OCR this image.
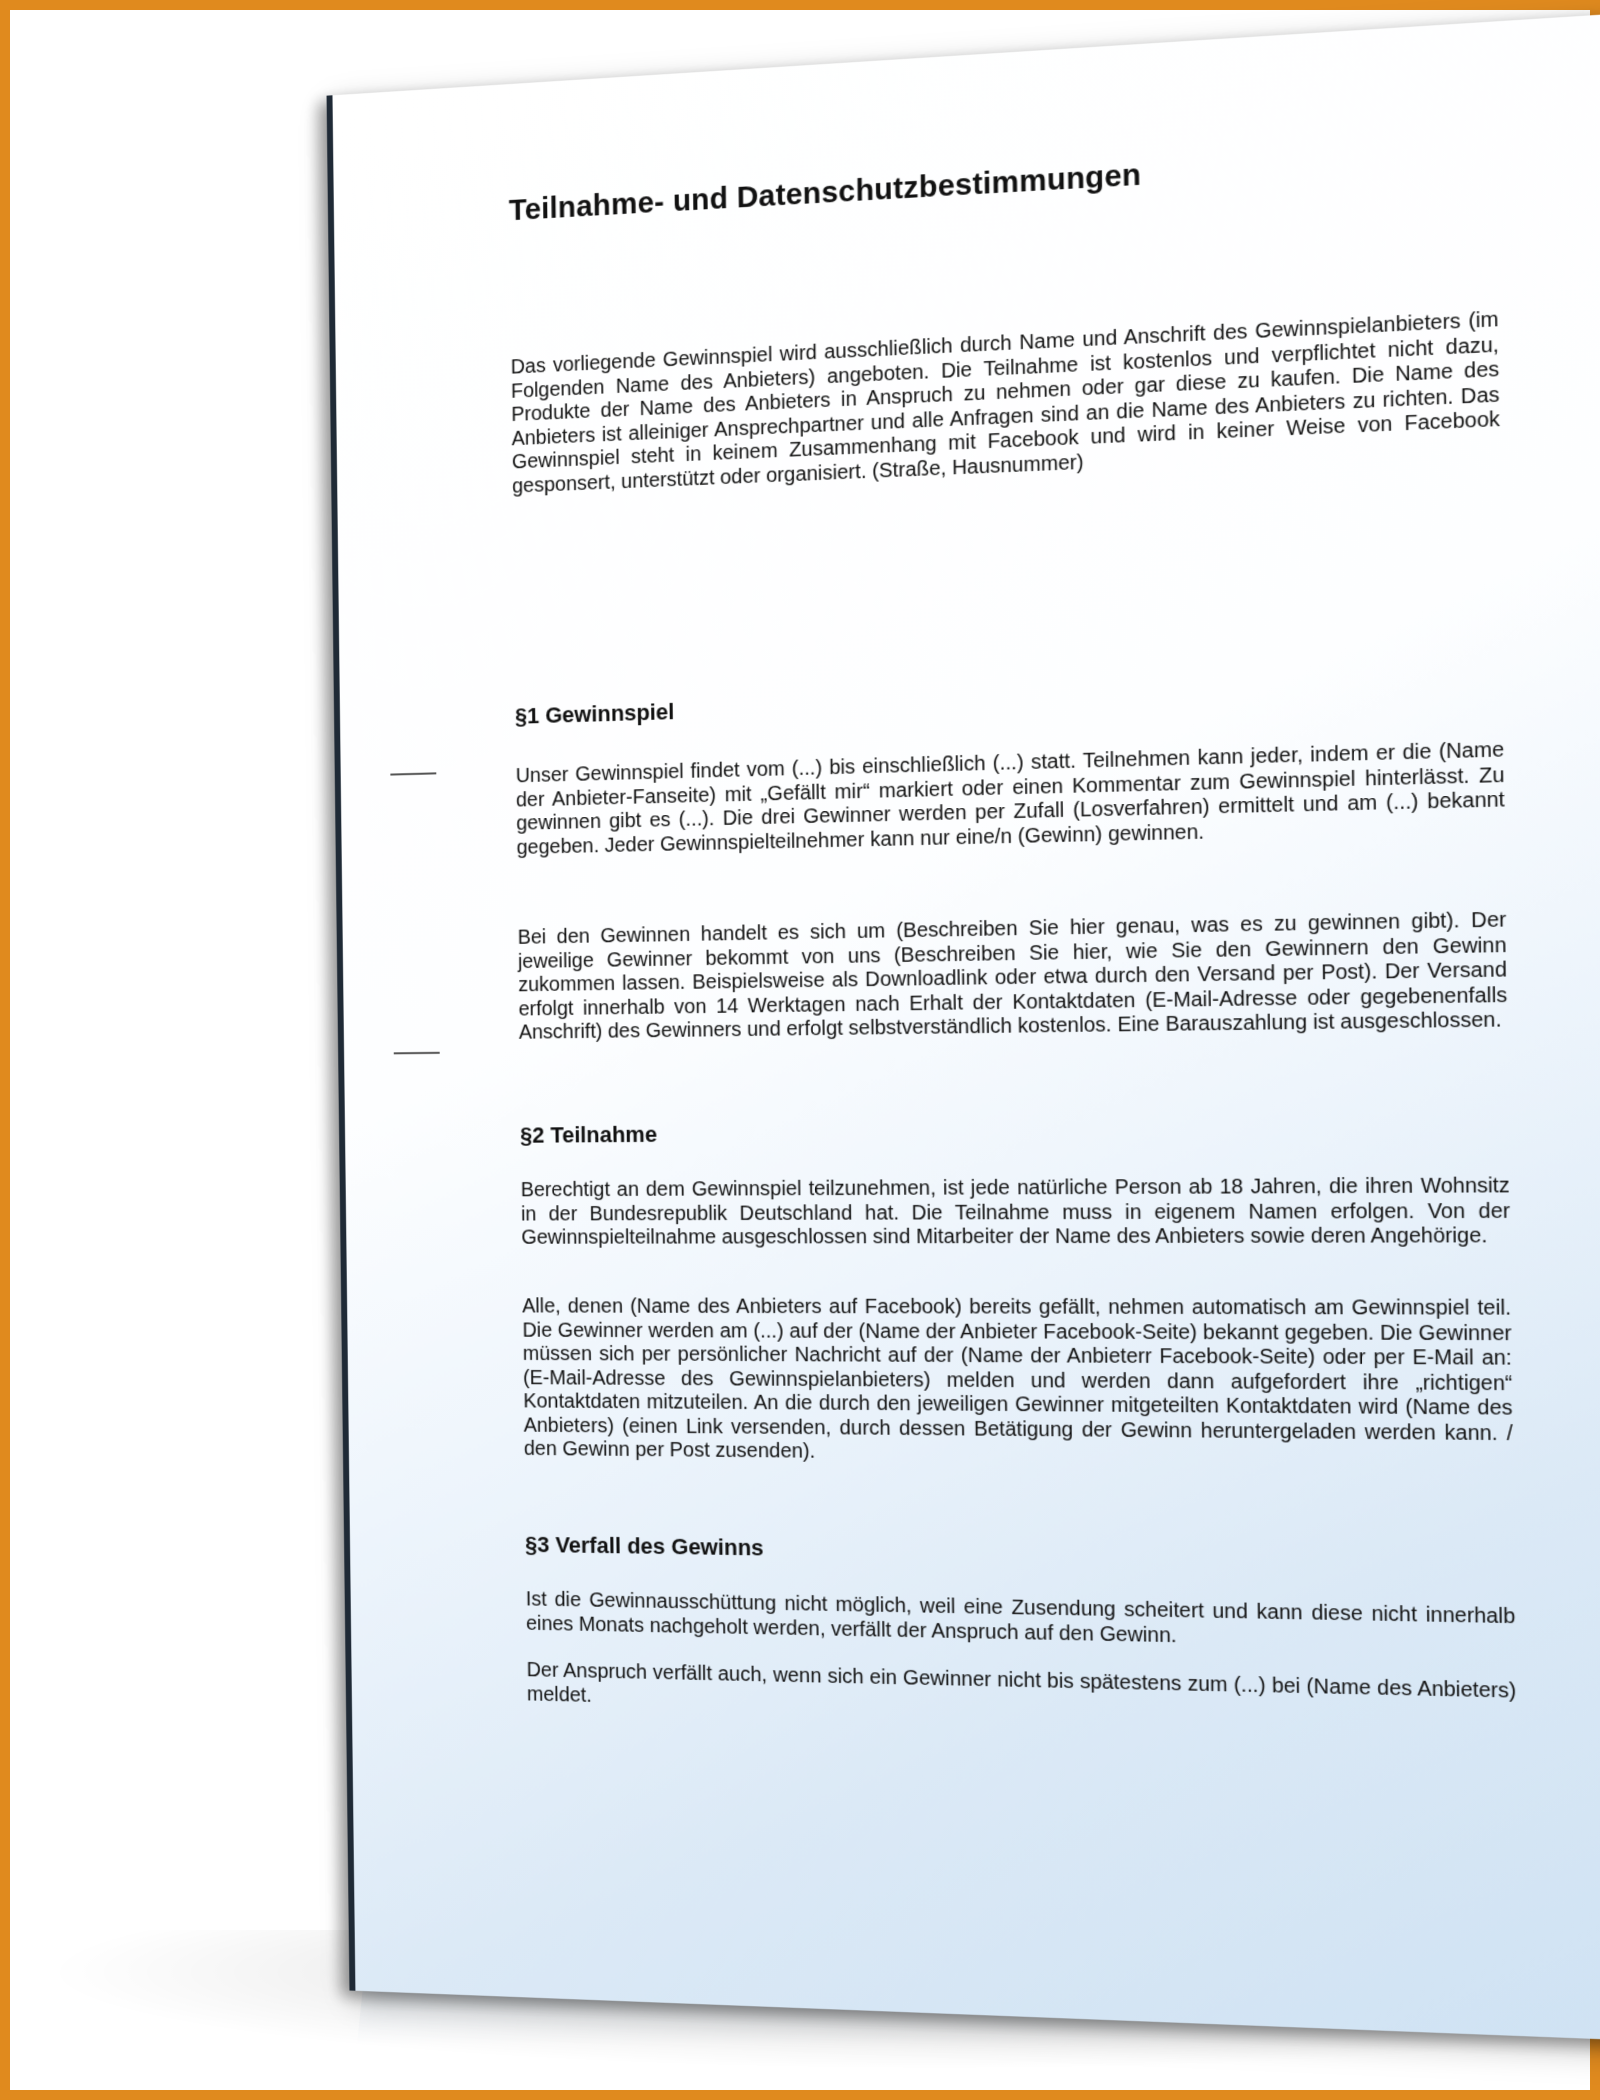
Teilnahme- und Datenschutzbestimmungen

Das vorliegende Gewinnspiel wird ausschließlich durch Name und Anschrift des Gewinnspielanbieters (im Folgenden Name des Anbieters) angeboten. Die Teilnahme ist kostenlos und verpflichtet nicht dazu, Produkte der Name des Anbieters in Anspruch zu nehmen oder gar diese zu kaufen. Die Name des Anbieters ist alleiniger Ansprechpartner und alle Anfragen sind an die Name des Anbieters zu richten. Das Gewinnspiel steht in keinem Zusammenhang mit Facebook und wird in keiner Weise von Facebook gesponsert, unterstützt oder organisiert. (Straße, Hausnummer)

§1 Gewinnspiel

Unser Gewinnspiel findet vom (...) bis einschließlich (...) statt. Teilnehmen kann jeder, indem er die (Name der Anbieter-Fanseite) mit „Gefällt mir“ markiert oder einen Kommentar zum Gewinnspiel hinterlässt. Zu gewinnen gibt es (...). Die drei Gewinner werden per Zufall (Losverfahren) ermittelt und am (...) bekannt gegeben. Jeder Gewinnspielteilnehmer kann nur eine/n (Gewinn) gewinnen.

Bei den Gewinnen handelt es sich um (Beschreiben Sie hier genau, was es zu gewinnen gibt). Der jeweilige Gewinner bekommt von uns (Beschreiben Sie hier, wie Sie den Gewinnern den Gewinn zukommen lassen. Beispielsweise als Downloadlink oder etwa durch den Versand per Post). Der Versand erfolgt innerhalb von 14 Werktagen nach Erhalt der Kontaktdaten (E-Mail-Adresse oder gegebenenfalls Anschrift) des Gewinners und erfolgt selbstverständlich kostenlos. Eine Barauszahlung ist ausgeschlossen.

§2 Teilnahme

Berechtigt an dem Gewinnspiel teilzunehmen, ist jede natürliche Person ab 18 Jahren, die ihren Wohnsitz in der Bundesrepublik Deutschland hat. Die Teilnahme muss in eigenem Namen erfolgen. Von der Gewinnspielteilnahme ausgeschlossen sind Mitarbeiter der Name des Anbieters sowie deren Angehörige.

Alle, denen (Name des Anbieters auf Facebook) bereits gefällt, nehmen automatisch am Gewinnspiel teil. Die Gewinner werden am (...) auf der (Name der Anbieter Facebook-Seite) bekannt gegeben. Die Gewinner müssen sich per persönlicher Nachricht auf der (Name der Anbieterr Facebook-Seite) oder per E-Mail an: (E-Mail-Adresse des Gewinnspielanbieters) melden und werden dann aufgefordert ihre „richtigen“ Kontaktdaten mitzuteilen. An die durch den jeweiligen Gewinner mitgeteilten Kontaktdaten wird (Name des Anbieters) (einen Link versenden, durch dessen Betätigung der Gewinn heruntergeladen werden kann. / den Gewinn per Post zusenden).

§3 Verfall des Gewinns

Ist die Gewinnausschüttung nicht möglich, weil eine Zusendung scheitert und kann diese nicht innerhalb eines Monats nachgeholt werden, verfällt der Anspruch auf den Gewinn.

Der Anspruch verfällt auch, wenn sich ein Gewinner nicht bis spätestens zum (...) bei (Name des Anbieters) meldet.
